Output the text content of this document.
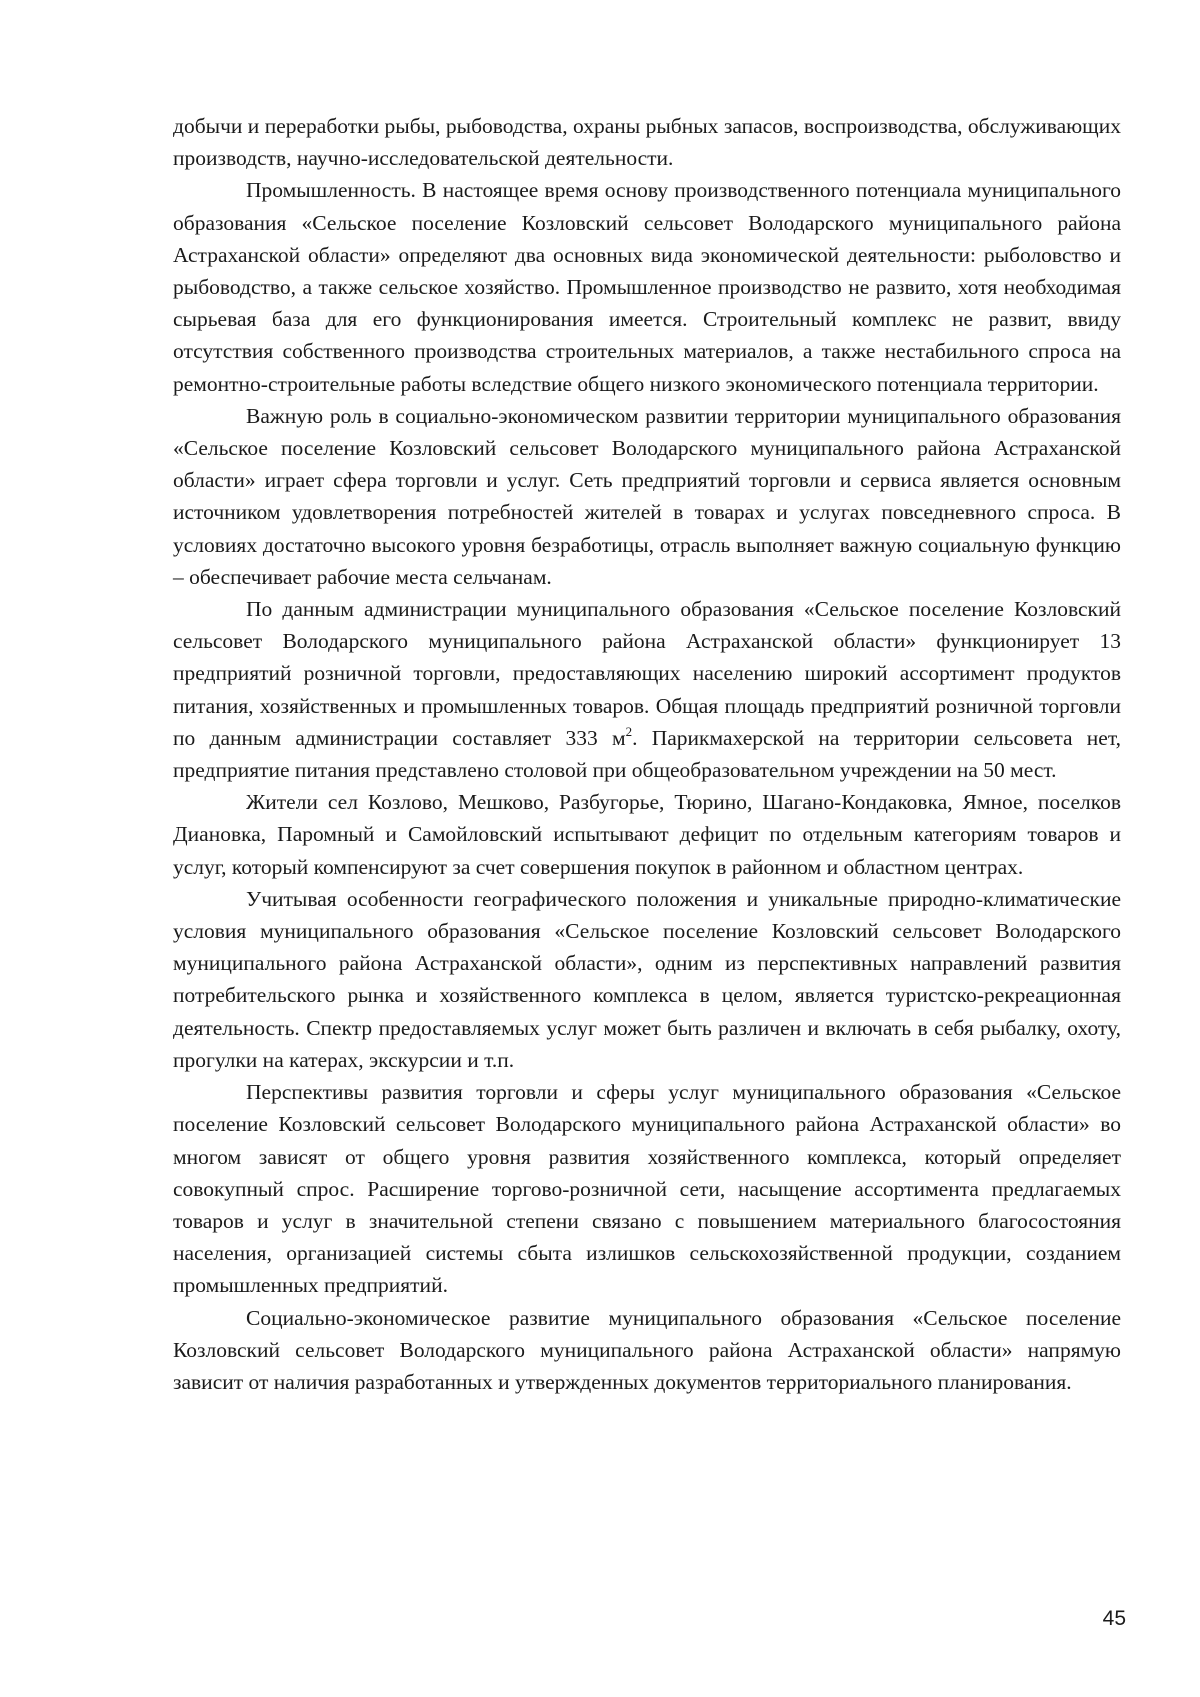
добычи и переработки рыбы, рыбоводства, охраны рыбных запасов, воспроизводства, обслуживающих производств, научно-исследовательской деятельности.

Промышленность. В настоящее время основу производственного потенциала муниципального образования «Сельское поселение Козловский сельсовет Володарского муниципального района Астраханской области» определяют два основных вида экономической деятельности: рыболовство и рыбоводство, а также сельское хозяйство. Промышленное производство не развито, хотя необходимая сырьевая база для его функционирования имеется. Строительный комплекс не развит, ввиду отсутствия собственного производства строительных материалов, а также нестабильного спроса на ремонтно-строительные работы вследствие общего низкого экономического потенциала территории.

Важную роль в социально-экономическом развитии территории муниципального образования «Сельское поселение Козловский сельсовет Володарского муниципального района Астраханской области» играет сфера торговли и услуг. Сеть предприятий торговли и сервиса является основным источником удовлетворения потребностей жителей в товарах и услугах повседневного спроса. В условиях достаточно высокого уровня безработицы, отрасль выполняет важную социальную функцию – обеспечивает рабочие места сельчанам.

По данным администрации муниципального образования «Сельское поселение Козловский сельсовет Володарского муниципального района Астраханской области» функционирует 13 предприятий розничной торговли, предоставляющих населению широкий ассортимент продуктов питания, хозяйственных и промышленных товаров. Общая площадь предприятий розничной торговли по данным администрации составляет 333 $м^2$. Парикмахерской на территории сельсовета нет, предприятие питания представлено столовой при общеобразовательном учреждении на 50 мест.

Жители сел Козлово, Мешково, Разбугорье, Тюрино, Шагано-Кондаковка, Ямное, поселков Диановка, Паромный и Самойловский испытывают дефицит по отдельным категориям товаров и услуг, который компенсируют за счет совершения покупок в районном и областном центрах.

Учитывая особенности географического положения и уникальные природно-климатические условия муниципального образования «Сельское поселение Козловский сельсовет Володарского муниципального района Астраханской области», одним из перспективных направлений развития потребительского рынка и хозяйственного комплекса в целом, является туристско-рекреационная деятельность. Спектр предоставляемых услуг может быть различен и включать в себя рыбалку, охоту, прогулки на катерах, экскурсии и т.п.

Перспективы развития торговли и сферы услуг муниципального образования «Сельское поселение Козловский сельсовет Володарского муниципального района Астраханской области» во многом зависят от общего уровня развития хозяйственного комплекса, который определяет совокупный спрос. Расширение торгово-розничной сети, насыщение ассортимента предлагаемых товаров и услуг в значительной степени связано с повышением материального благосостояния населения, организацией системы сбыта излишков сельскохозяйственной продукции, созданием промышленных предприятий.

Социально-экономическое развитие муниципального образования «Сельское поселение Козловский сельсовет Володарского муниципального района Астраханской области» напрямую зависит от наличия разработанных и утвержденных документов территориального планирования.

45
